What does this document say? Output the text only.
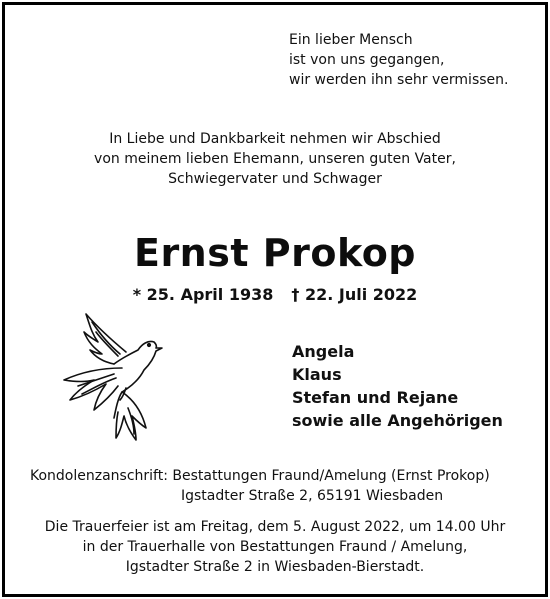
Ein lieber Mensch
ist von uns gegangen,
wir werden ihn sehr vermissen.
In Liebe und Dankbarkeit nehmen wir Abschied
von meinem lieben Ehemann, unseren guten Vater,
Schwiegervater und Schwager
Ernst Prokop
* 25. April 1938 † 22. Juli 2022
Angela
Klaus
Stefan und Rejane
sowie alle Angehörigen
Kondolenzanschrift: Bestattungen Fraund/Amelung (Ernst Prokop)
Igstadter Straße 2, 65191 Wiesbaden
Die Trauerfeier ist am Freitag, dem 5. August 2022, um 14.00 Uhr
in der Trauerhalle von Bestattungen Fraund / Amelung,
Igstadter Straße 2 in Wiesbaden-Bierstadt.
